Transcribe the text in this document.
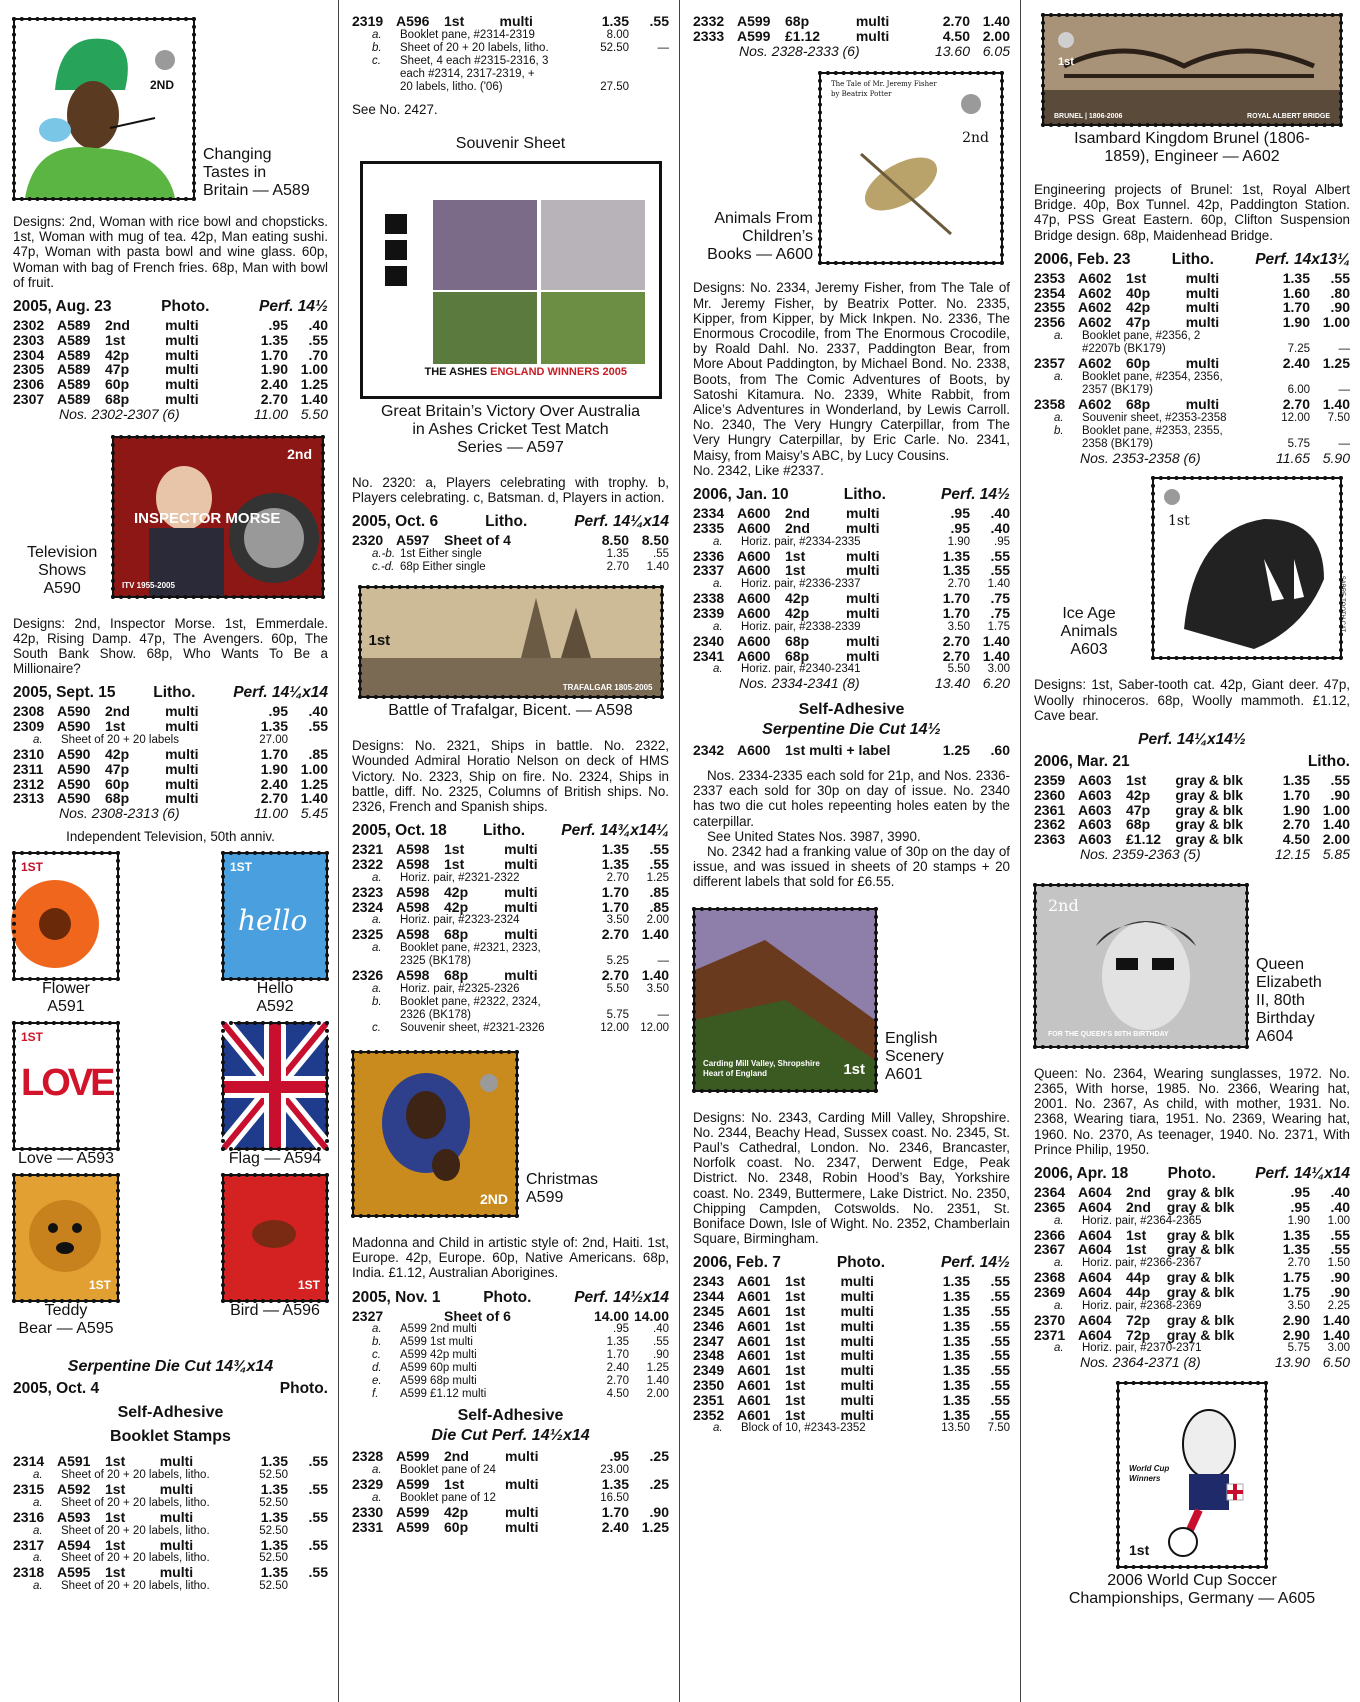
2ND
Changing
Tastes in
Britain — A589
Designs: 2nd, Woman with rice bowl and chopsticks. 1st, Woman with mug of tea. 42p, Man eating sushi. 47p, Woman with pasta bowl and wine glass. 60p, Woman with bag of French fries. 68p, Man with bowl of fruit.
2005, Aug. 23	Photo.	Perf. 14½
2302	A589	2nd	multi	.95	.40
2303	A589	1st	multi	1.35	.55
2304	A589	42p	multi	1.70	.70
2305	A589	47p	multi	1.90	1.00
2306	A589	60p	multi	2.40	1.25
2307	A589	68p	multi	2.70	1.40
Nos. 2302-2307 (6)				11.00	5.50
Television
Shows
A590
INSPECTOR MORSE
2nd
ITV 1955-2005
Designs: 2nd, Inspector Morse. 1st, Emmerdale. 42p, Rising Damp. 47p, The Avengers. 60p, The South Bank Show. 68p, Who Wants To Be a Millionaire?
2005, Sept. 15 Litho. Perf. 14¼x14
2308	A590	2nd	multi	.95	.40
2309	A590	1st	multi	1.35	.55
a.	Sheet of 20 + 20 labels			27.00	
2310	A590	42p	multi	1.70	.85
2311	A590	47p	multi	1.90	1.00
2312	A590	60p	multi	2.40	1.25
2313	A590	68p	multi	2.70	1.40
Nos. 2308-2313 (6)				11.00	5.45
Independent Television, 50th anniv.
1ST
Flower
A591
hello
1ST
Hello
A592
LOVE
1ST
Love — A593	Flag — A594
1ST
Teddy
Bear — A595
1ST
Bird — A596
Serpentine Die Cut 14¾x14
2005, Oct. 4	Photo.
Self-Adhesive
Booklet Stamps
2314	A591	1st	multi	1.35	.55
a.	Sheet of 20 + 20 labels, litho.			52.50	
2315	A592	1st	multi	1.35	.55
a.	Sheet of 20 + 20 labels, litho.			52.50	
2316	A593	1st	multi	1.35	.55
a.	Sheet of 20 + 20 labels, litho.			52.50	
2317	A594	1st	multi	1.35	.55
a.	Sheet of 20 + 20 labels, litho.			52.50	
2318	A595	1st	multi	1.35	.55
a.	Sheet of 20 + 20 labels, litho.			52.50	
2319	A596	1st	multi	1.35	.55
a.	Booklet pane, #2314-2319			8.00	
b.	Sheet of 20 + 20 labels, litho.			52.50	—
c.	Sheet, 4 each #2315-2316, 3				
	each #2314, 2317-2319, +				
	20 labels, litho. ('06)			27.50	
See No. 2427.
Souvenir Sheet
THE ASHES ENGLAND WINNERS 2005
Great Britain’s Victory Over Australia
in Ashes Cricket Test Match
Series — A597
No. 2320: a, Players celebrating with trophy. b, Players celebrating. c, Batsman. d, Players in action.
2005, Oct. 6	Litho.	Perf. 14¼x14
2320	A597	Sheet of 4		8.50	8.50
a.-b.	1st Either single			1.35	.55
c.-d.	68p Either single			2.70	1.40
1st
TRAFALGAR 1805-2005
Battle of Trafalgar, Bicent. — A598
Designs: No. 2321, Ships in battle. No. 2322, Wounded Admiral Horatio Nelson on deck of HMS Victory. No. 2323, Ship on fire. No. 2324, Ships in battle, diff. No. 2325, Columns of British ships. No. 2326, French and Spanish ships.
2005, Oct. 18 Litho. Perf. 14¾x14¼
2321	A598	1st	multi	1.35	.55
2322	A598	1st	multi	1.35	.55
a.	Horiz. pair, #2321-2322			2.70	1.25
2323	A598	42p	multi	1.70	.85
2324	A598	42p	multi	1.70	.85
a.	Horiz. pair, #2323-2324			3.50	2.00
2325	A598	68p	multi	2.70	1.40
a.	Booklet pane, #2321, 2323,				
	2325 (BK178)			5.25	—
2326	A598	68p	multi	2.70	1.40
a.	Horiz. pair, #2325-2326			5.50	3.50
b.	Booklet pane, #2322, 2324,				
	2326 (BK178)			5.75	—
c.	Souvenir sheet, #2321-2326			12.00	12.00
2ND
Christmas
A599
Madonna and Child in artistic style of: 2nd, Haiti. 1st, Europe. 42p, Europe. 60p, Native Americans. 68p, India. £1.12, Australian Aborigines.
2005, Nov. 1	Photo.	Perf. 14½x14
2327		Sheet of 6		14.00	14.00
a.	A599 2nd multi			.95	.40
b.	A599 1st multi			1.35	.55
c.	A599 42p multi			1.70	.90
d.	A599 60p multi			2.40	1.25
e.	A599 68p multi			2.70	1.40
f.	A599 £1.12 multi			4.50	2.00
Self-Adhesive
Die Cut Perf. 14½x14
2328	A599	2nd	multi	.95	.25
a.	Booklet pane of 24			23.00	
2329	A599	1st	multi	1.35	.25
a.	Booklet pane of 12			16.50	
2330	A599	42p	multi	1.70	.90
2331	A599	60p	multi	2.40	1.25
2332	A599	68p	multi	2.70	1.40
2333	A599	£1.12	multi	4.50	2.00
Nos. 2328-2333 (6)				13.60	6.05
Animals From
Children’s
Books — A600
The Tale of Mr. Jeremy Fisher
by Beatrix Potter
2nd
Designs: No. 2334, Jeremy Fisher, from The Tale of Mr. Jeremy Fisher, by Beatrix Potter. No. 2335, Kipper, from Kipper, by Mick Inkpen. No. 2336, The Enormous Crocodile, from The Enormous Crocodile, by Roald Dahl. No. 2337, Paddington Bear, from More About Paddington, by Michael Bond. No. 2338, Boots, from The Comic Adventures of Boots, by Satoshi Kitamura. No. 2339, White Rabbit, from Alice’s Adventures in Wonderland, by Lewis Carroll. No. 2340, The Very Hungry Caterpillar, from The Very Hungry Caterpillar, by Eric Carle. No. 2341, Maisy, from Maisy’s ABC, by Lucy Cousins.
No. 2342, Like #2337.
2006, Jan. 10	Litho.	Perf. 14½
2334	A600	2nd	multi	.95	.40
2335	A600	2nd	multi	.95	.40
a.	Horiz. pair, #2334-2335			1.90	.95
2336	A600	1st	multi	1.35	.55
2337	A600	1st	multi	1.35	.55
a.	Horiz. pair, #2336-2337			2.70	1.40
2338	A600	42p	multi	1.70	.75
2339	A600	42p	multi	1.70	.75
a.	Horiz. pair, #2338-2339			3.50	1.75
2340	A600	68p	multi	2.70	1.40
2341	A600	68p	multi	2.70	1.40
a.	Horiz. pair, #2340-2341			5.50	3.00
Nos. 2334-2341 (8)				13.40	6.20
Self-Adhesive
Serpentine Die Cut 14½
2342	A600	1st multi + label		1.25	.60
Nos. 2334-2335 each sold for 21p, and Nos. 2336-2337 each sold for 30p on day of issue. No. 2340 has two die cut holes repeenting holes eaten by the caterpillar.
See United States Nos. 3987, 3990.
No. 2342 had a franking value of 30p on the day of issue, and was issued in sheets of 20 stamps + 20 different labels that sold for £6.55.
Carding Mill Valley, Shropshire
Heart of England	1st
English
Scenery
A601
Designs: No. 2343, Carding Mill Valley, Shropshire. No. 2344, Beachy Head, Sussex coast. No. 2345, St. Paul’s Cathedral, London. No. 2346, Brancaster, Norfolk coast. No. 2347, Derwent Edge, Peak District. No. 2348, Robin Hood’s Bay, Yorkshire coast. No. 2349, Buttermere, Lake District. No. 2350, Chipping Campden, Cotswolds. No. 2351, St. Boniface Down, Isle of Wight. No. 2352, Chamberlain Square, Birmingham.
2006, Feb. 7	Photo.	Perf. 14½
2343	A601	1st	multi	1.35	.55
2344	A601	1st	multi	1.35	.55
2345	A601	1st	multi	1.35	.55
2346	A601	1st	multi	1.35	.55
2347	A601	1st	multi	1.35	.55
2348	A601	1st	multi	1.35	.55
2349	A601	1st	multi	1.35	.55
2350	A601	1st	multi	1.35	.55
2351	A601	1st	multi	1.35	.55
2352	A601	1st	multi	1.35	.55
a.	Block of 10, #2343-2352			13.50	7.50
1st
BRUNEL | 1806-2006	ROYAL ALBERT BRIDGE
Isambard Kingdom Brunel (1806-
1859), Engineer — A602
Engineering projects of Brunel: 1st, Royal Albert Bridge. 40p, Box Tunnel. 42p, Paddington Station. 47p, PSS Great Eastern. 60p, Clifton Suspension Bridge design. 68p, Maidenhead Bridge.
2006, Feb. 23	Litho.	Perf. 14x13¼
2353	A602	1st	multi	1.35	.55
2354	A602	40p	multi	1.60	.80
2355	A602	42p	multi	1.70	.90
2356	A602	47p	multi	1.90	1.00
a.	Booklet pane, #2356, 2				
	#2207b (BK179)			7.25	—
2357	A602	60p	multi	2.40	1.25
a.	Booklet pane, #2354, 2356,				
	2357 (BK179)			6.00	—
2358	A602	68p	multi	2.70	1.40
a.	Souvenir sheet, #2353-2358			12.00	7.50
b.	Booklet pane, #2353, 2355,				
	2358 (BK179)			5.75	—
Nos. 2353-2358 (6)				11.65	5.90
Ice Age
Animals
A603
1st
SABRE-TOOTH CAT
Designs: 1st, Saber-tooth cat. 42p, Giant deer. 47p, Woolly rhinoceros. 68p, Woolly mammoth. £1.12, Cave bear.
Perf. 14¼x14½
2006, Mar. 21	Litho.
2359	A603	1st	gray & blk	1.35	.55
2360	A603	42p	gray & blk	1.70	.90
2361	A603	47p	gray & blk	1.90	1.00
2362	A603	68p	gray & blk	2.70	1.40
2363	A603	£1.12	gray & blk	4.50	2.00
Nos. 2359-2363 (5)				12.15	5.85
2nd
FOR THE QUEEN’S 80TH BIRTHDAY
Queen
Elizabeth
II, 80th
Birthday
A604
Queen: No. 2364, Wearing sunglasses, 1972. No. 2365, With horse, 1985. No. 2366, Wearing hat, 2001. No. 2367, As child, with mother, 1931. No. 2368, Wearing tiara, 1951. No. 2369, Wearing hat, 1960. No. 2370, As teenager, 1940. No. 2371, With Prince Philip, 1950.
2006, Apr. 18	Photo.	Perf. 14¼x14
2364	A604	2nd	gray & blk	.95	.40
2365	A604	2nd	gray & blk	.95	.40
a.	Horiz. pair, #2364-2365			1.90	1.00
2366	A604	1st	gray & blk	1.35	.55
2367	A604	1st	gray & blk	1.35	.55
a.	Horiz. pair, #2366-2367			2.70	1.50
2368	A604	44p	gray & blk	1.75	.90
2369	A604	44p	gray & blk	1.75	.90
a.	Horiz. pair, #2368-2369			3.50	2.25
2370	A604	72p	gray & blk	2.90	1.40
2371	A604	72p	gray & blk	2.90	1.40
a.	Horiz. pair, #2370-2371			5.75	3.00
Nos. 2364-2371 (8)				13.90	6.50
World Cup
Winners
1st
2006 World Cup Soccer
Championships, Germany — A605
